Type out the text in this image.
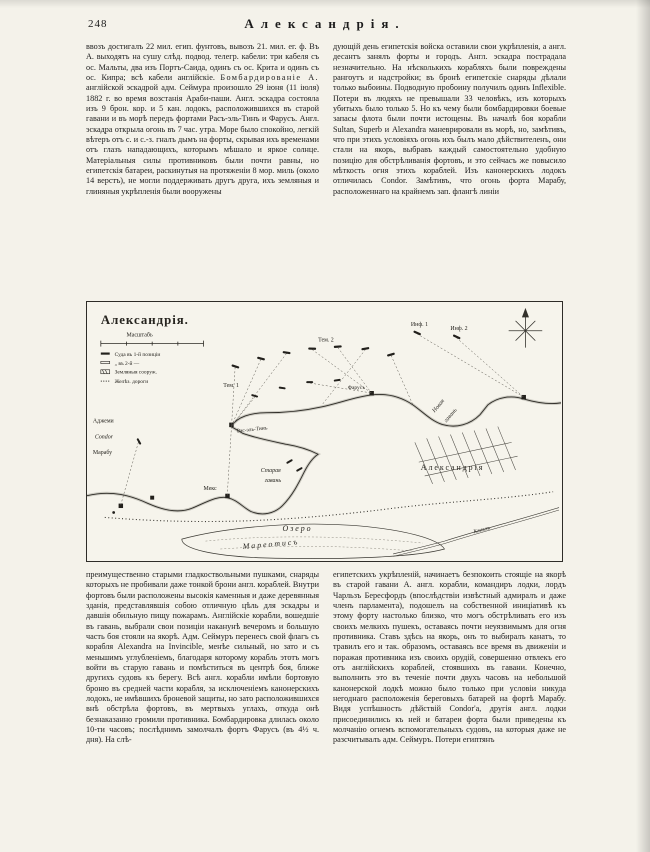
248	Александрія.
ввозъ достигалъ 22 мил. егип. фунтовъ, вывозъ 21. мил. ег. ф. Въ А. выходятъ на сушу слѣд. подвод. телегр. кабели: три кабеля съ ос. Мальты, два изъ Портъ-Саида, одинъ съ ос. Крита и одинъ съ ос. Кипра; всѣ кабели англійскіе. Бомбардированіе А. англійской эскадрой адм. Сеймура произошло 29 іюня (11 іюля) 1882 г. во время возстанія Араби-паши. Англ. эскадра состояла изъ 9 брон. кор. и 5 кан. лодокъ, расположившихся въ старой гавани и въ морѣ передъ фортами Расъ-эль-Тинъ и Фарусъ. Англ. эскадра открыла огонь въ 7 час. утра. Море было спокойно, легкій вѣтеръ отъ с. и с.-з. гналъ дымъ на форты, скрывая ихъ временами отъ глазъ нападающихъ, которымъ мѣшало и яркое солнце. Матеріальныя силы противниковъ были почти равны, но египетскія батареи, раскинутыя на протяженіи 8 мор. миль (около 14 верстъ), не могли поддерживать другъ друга, ихъ земляныя и глиняныя укрѣпленія были вооружены
дующій день египетскія войска оставили свои укрѣпленія, а англ. десантъ занялъ форты и городъ. Англ. эскадра пострадала незначительно. На нѣсколькихъ корабляхъ были повреждены рангоутъ и надстройки; въ бронѣ египетскіе снаряды дѣлали только выбоины. Подводную пробоину получилъ одинъ Inflexible. Потери въ людяхъ не превышали 33 человѣкъ, изъ которыхъ убитыхъ было только 5. Но къ чему были бомбардировки боевые запасы флота были почти истощены. Въ началѣ боя корабли Sultan, Superb и Alexandra маневрировали въ морѣ, но, замѣтивъ, что при этихъ условіяхъ огонь ихъ былъ мало дѣйствителенъ, они стали на якорь, выбравъ каждый самостоятельно удобную позицію для обстрѣливанія фортовъ, и это сейчасъ же повысило мѣткость огня этихъ кораблей. Изъ канонерскихъ лодокъ отличилась Condor. Замѣтивъ, что огонь форта Марабу, расположеннаго на крайнемъ зап. флангѣ линіи
Александрія.
Масштабъ
Суда въ 1-й позиціи
„ въ 2-й —
Земляныя сооруж.
Желѣз. дороги
Инф. 1
Инф. 2
Тем. 1
Тем. 2
Старая
гавань
Новая
гавань
Александрія
Аджеми
Condor
Марабу
Мекс
Рас-эль-Тинъ
Фарусъ
Озеро
Мареотисъ
Каналъ
преимущественно старыми гладкоствольными пушками, снаряды которыхъ не пробивали даже тонкой брони англ. кораблей. Внутри фортовъ были расположены высокія каменныя и даже деревянныя зданія, представлявшія собою отличную цѣль для эскадры и давшія обильную пищу пожарамъ. Англійскіе корабли, вошедшіе въ гавань, выбрали свои позиціи наканунѣ вечеромъ и большую часть боя стояли на якорѣ. Адм. Сеймуръ перенесъ свой флагъ съ корабля Alexandra на Invincible, менѣе сильный, но зато и съ меньшимъ углубленіемъ, благодаря которому корабль этотъ могъ войти въ старую гавань и помѣститься въ центрѣ боя, ближе другихъ судовъ къ берегу. Всѣ англ. корабли имѣли бортовую броню въ средней части корабля, за исключеніемъ канонерскихъ лодокъ, не имѣвшихъ броневой защиты, но зато расположившихся внѣ обстрѣла фортовъ, въ мертвыхъ углахъ, откуда онѣ безнаказанно громили противника. Бомбардировка длилась около 10-ти часовъ; послѣднимъ замолчалъ фортъ Фарусъ (въ 4½ ч. дня). На слѣ-
египетскихъ укрѣпленій, начинаетъ безпокоить стоящіе на якорѣ въ старой гавани А. англ. корабли, командиръ лодки, лордъ Чарльзъ Бересфордъ (впослѣдствіи извѣстный адмиралъ и даже членъ парламента), подошелъ на собственной иниціативѣ къ этому форту настолько близко, что могъ обстрѣливать его изъ своихъ мелкихъ пушекъ, оставаясь почти неуязвимымъ для огня противника. Ставъ здѣсь на якорь, онъ то выбиралъ канатъ, то травилъ его и так. образомъ, оставаясь все время въ движеніи и поражая противника изъ своихъ орудій, совершенно отвлекъ его отъ англійскихъ кораблей, стоявшихъ въ гавани. Конечно, выполнить это въ теченіе почти двухъ часовъ на небольшой канонерской лодкѣ можно было только при условіи никуда негоднаго расположенія береговыхъ батарей на фортѣ Марабу. Видя успѣшность дѣйствій Condor'а, другія англ. лодки присоединились къ ней и батареи форта были приведены къ молчанію огнемъ вспомогательныхъ судовъ, на которыя даже не разсчитывалъ адм. Сеймуръ. Потери египтянъ
